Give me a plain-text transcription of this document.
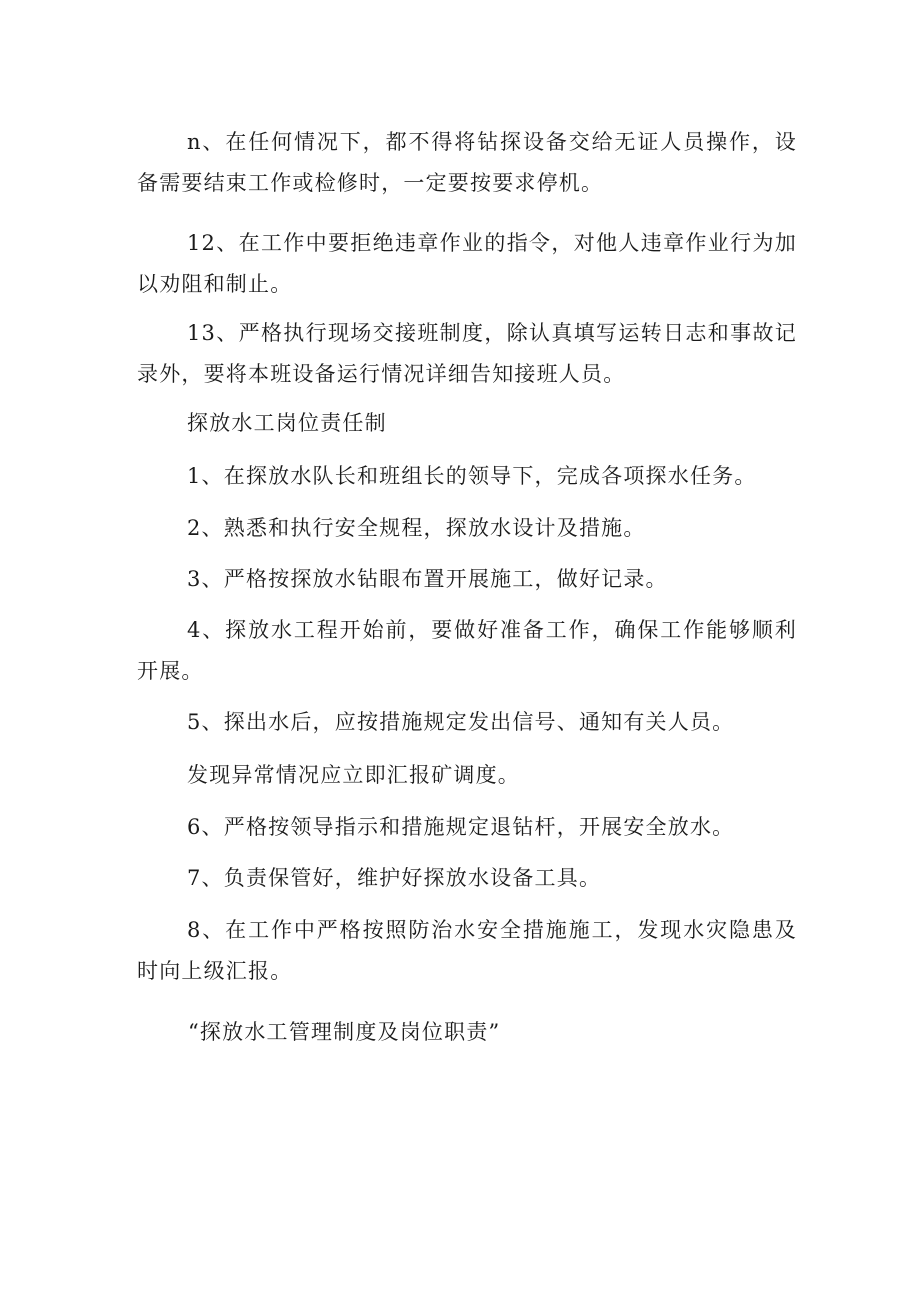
n、在任何情况下，都不得将钻探设备交给无证人员操作，设备需要结束工作或检修时，一定要按要求停机。

12、在工作中要拒绝违章作业的指令，对他人违章作业行为加以劝阻和制止。

13、严格执行现场交接班制度，除认真填写运转日志和事故记录外，要将本班设备运行情况详细告知接班人员。

探放水工岗位责任制

1、在探放水队长和班组长的领导下，完成各项探水任务。

2、熟悉和执行安全规程，探放水设计及措施。

3、严格按探放水钻眼布置开展施工，做好记录。

4、探放水工程开始前，要做好准备工作，确保工作能够顺利开展。

5、探出水后，应按措施规定发出信号、通知有关人员。

发现异常情况应立即汇报矿调度。

6、严格按领导指示和措施规定退钻杆，开展安全放水。

7、负责保管好，维护好探放水设备工具。

8、在工作中严格按照防治水安全措施施工，发现水灾隐患及时向上级汇报。

“探放水工管理制度及岗位职责”
